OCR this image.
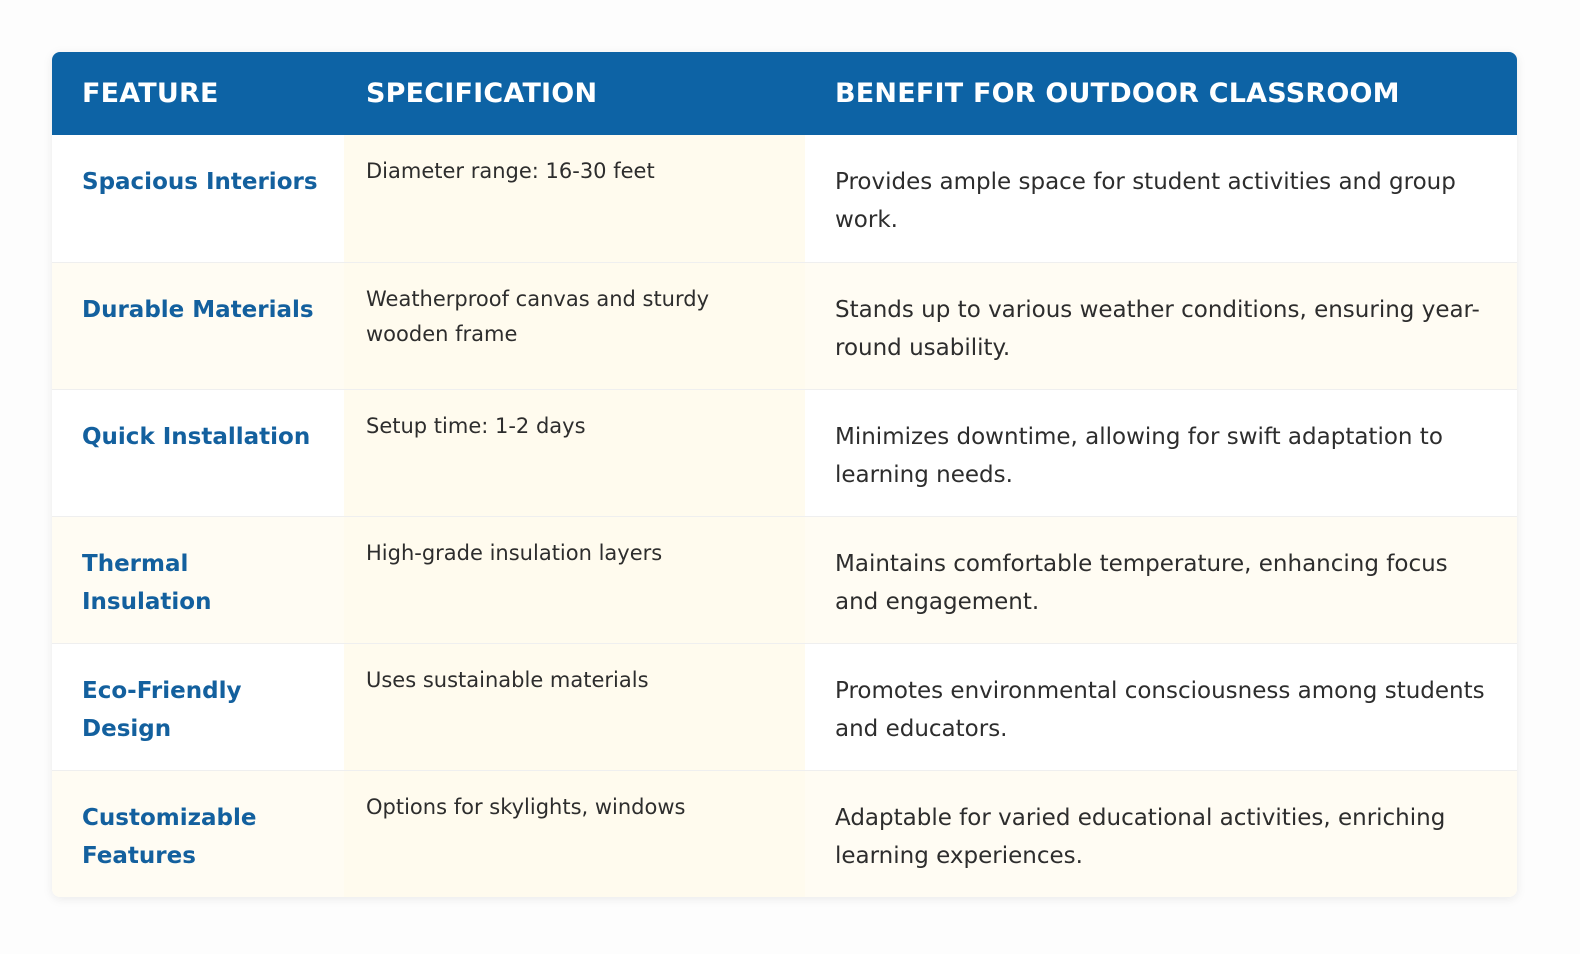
FEATURE	SPECIFICATION	BENEFIT FOR OUTDOOR CLASSROOM
Spacious Interiors	Diameter range: 16-30 feet	Provides ample space for student activities and group work.
Durable Materials	Weatherproof canvas and sturdy wooden frame	Stands up to various weather conditions, ensuring year-round usability.
Quick Installation	Setup time: 1-2 days	Minimizes downtime, allowing for swift adaptation to learning needs.
Thermal Insulation	High-grade insulation layers	Maintains comfortable temperature, enhancing focus and engagement.
Eco-Friendly Design	Uses sustainable materials	Promotes environmental consciousness among students and educators.
Customizable Features	Options for skylights, windows	Adaptable for varied educational activities, enriching learning experiences.
